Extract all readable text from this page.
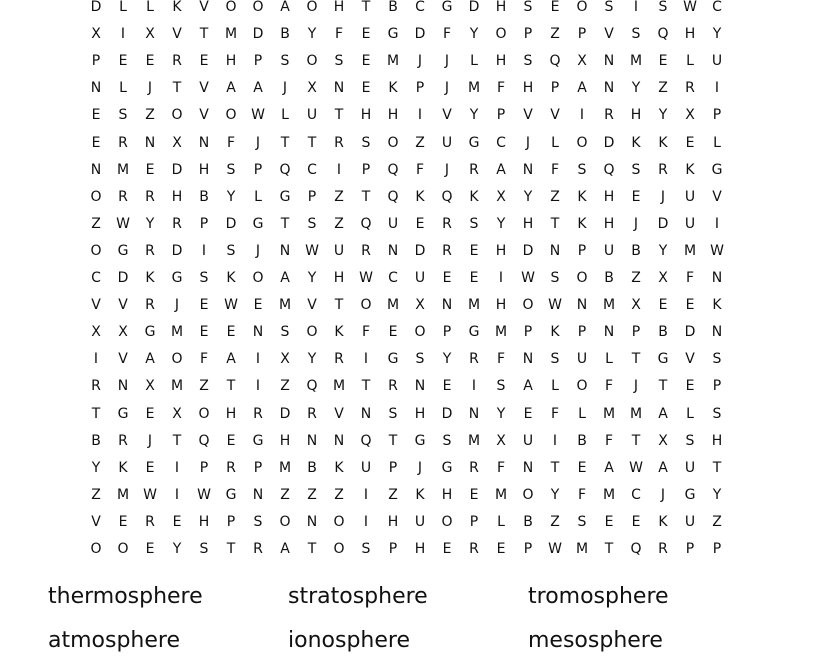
D	L	L	K	V	O	O	A	O	H	T	B	C	G	D	H	S	E	O	S	I	S	W	C
X	I	X	V	T	M	D	B	Y	F	E	G	D	F	Y	O	P	Z	P	V	S	Q	H	Y
P	E	E	R	E	H	P	S	O	S	E	M	J	J	L	H	S	Q	X	N	M	E	L	U
N	L	J	T	V	A	A	J	X	N	E	K	P	J	M	F	H	P	A	N	Y	Z	R	I
E	S	Z	O	V	O	W	L	U	T	H	H	I	V	Y	P	V	V	I	R	H	Y	X	P
E	R	N	X	N	F	J	T	T	R	S	O	Z	U	G	C	J	L	O	D	K	K	E	L
N	M	E	D	H	S	P	Q	C	I	P	Q	F	J	R	A	N	F	S	Q	S	R	K	G
O	R	R	H	B	Y	L	G	P	Z	T	Q	K	Q	K	X	Y	Z	K	H	E	J	U	V
Z	W	Y	R	P	D	G	T	S	Z	Q	U	E	R	S	Y	H	T	K	H	J	D	U	I
O	G	R	D	I	S	J	N	W	U	R	N	D	R	E	H	D	N	P	U	B	Y	M	W
C	D	K	G	S	K	O	A	Y	H	W	C	U	E	E	I	W	S	O	B	Z	X	F	N
V	V	R	J	E	W	E	M	V	T	O	M	X	N	M	H	O	W	N	M	X	E	E	K
X	X	G	M	E	E	N	S	O	K	F	E	O	P	G	M	P	K	P	N	P	B	D	N
I	V	A	O	F	A	I	X	Y	R	I	G	S	Y	R	F	N	S	U	L	T	G	V	S
R	N	X	M	Z	T	I	Z	Q	M	T	R	N	E	I	S	A	L	O	F	J	T	E	P
T	G	E	X	O	H	R	D	R	V	N	S	H	D	N	Y	E	F	L	M	M	A	L	S
B	R	J	T	Q	E	G	H	N	N	Q	T	G	S	M	X	U	I	B	F	T	X	S	H
Y	K	E	I	P	R	P	M	B	K	U	P	J	G	R	F	N	T	E	A	W	A	U	T
Z	M	W	I	W	G	N	Z	Z	Z	I	Z	K	H	E	M	O	Y	F	M	C	J	G	Y
V	E	R	E	H	P	S	O	N	O	I	H	U	O	P	L	B	Z	S	E	E	K	U	Z
O	O	E	Y	S	T	R	A	T	O	S	P	H	E	R	E	P	W	M	T	Q	R	P	P
thermosphere	stratosphere	tromosphere
atmosphere	ionosphere	mesosphere
